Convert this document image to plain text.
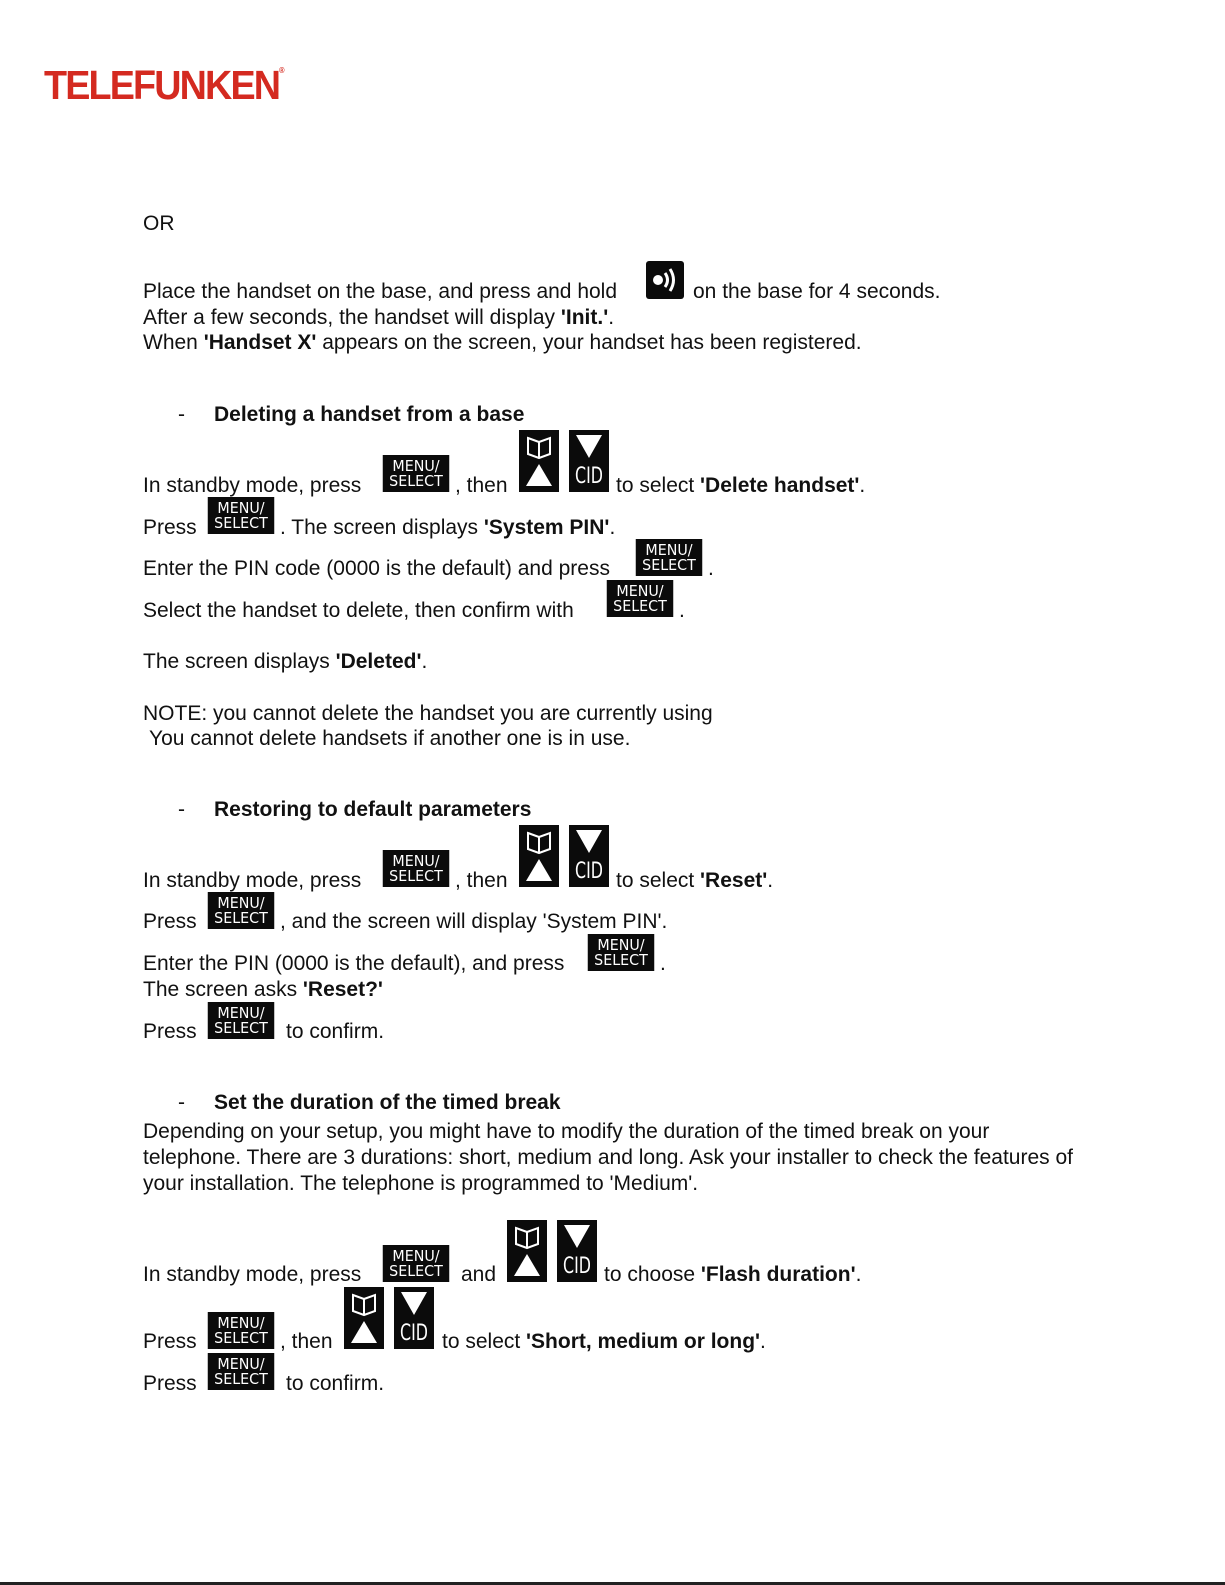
TELEFUNKEN®
OR
Place the handset on the base, and press and hold	on the base for 4 seconds.
After a few seconds, the handset will display 'Init.'.
When 'Handset X' appears on the screen, your handset has been registered.
- Deleting a handset from a base
In standby mode, press
MENU/
SELECT , then	CID to select 'Delete handset'.
Press
MENU/
SELECT . The screen displays 'System PIN'.
Enter the PIN code (0000 is the default) and press
MENU/
SELECT .
Select the handset to delete, then confirm with
MENU/
SELECT .
The screen displays 'Deleted'.
NOTE: you cannot delete the handset you are currently using
You cannot delete handsets if another one is in use.
- Restoring to default parameters
In standby mode, press
MENU/
SELECT , then	CID to select 'Reset'.
Press
MENU/
SELECT , and the screen will display 'System PIN'.
Enter the PIN (0000 is the default), and press
MENU/
SELECT .
The screen asks 'Reset?'
Press
MENU/
SELECT to confirm.
- Set the duration of the timed break
Depending on your setup, you might have to modify the duration of the timed break on your telephone. There are 3 durations: short, medium and long. Ask your installer to check the features of your installation. The telephone is programmed to 'Medium'.
In standby mode, press
MENU/
SELECT and	CID to choose 'Flash duration'.
Press
MENU/
SELECT , then	CID to select 'Short, medium or long'.
Press
MENU/
SELECT to confirm.
